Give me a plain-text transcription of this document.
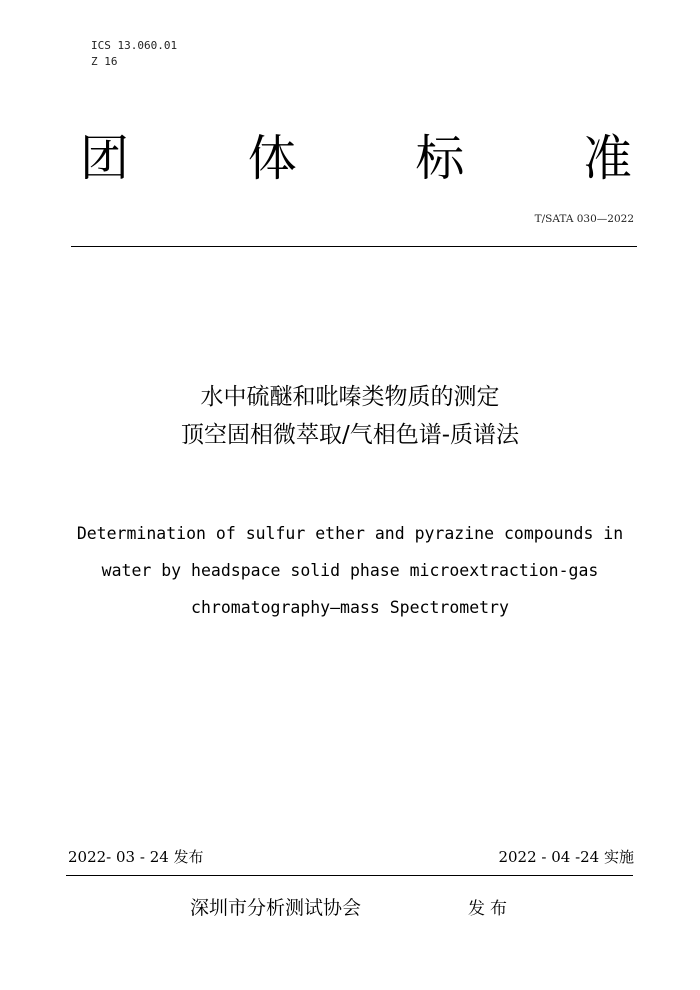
ICS 13.060.01
Z 16
团 体 标 准
T/SATA 030—2022
水中硫醚和吡嗪类物质的测定
顶空固相微萃取/气相色谱-质谱法
Determination of sulfur ether and pyrazine compounds in
water by headspace solid phase microextraction-gas
chromatography–mass Spectrometry
2022- 03 - 24 发布	2022 - 04 -24 实施
深圳市分析测试协会	发布
